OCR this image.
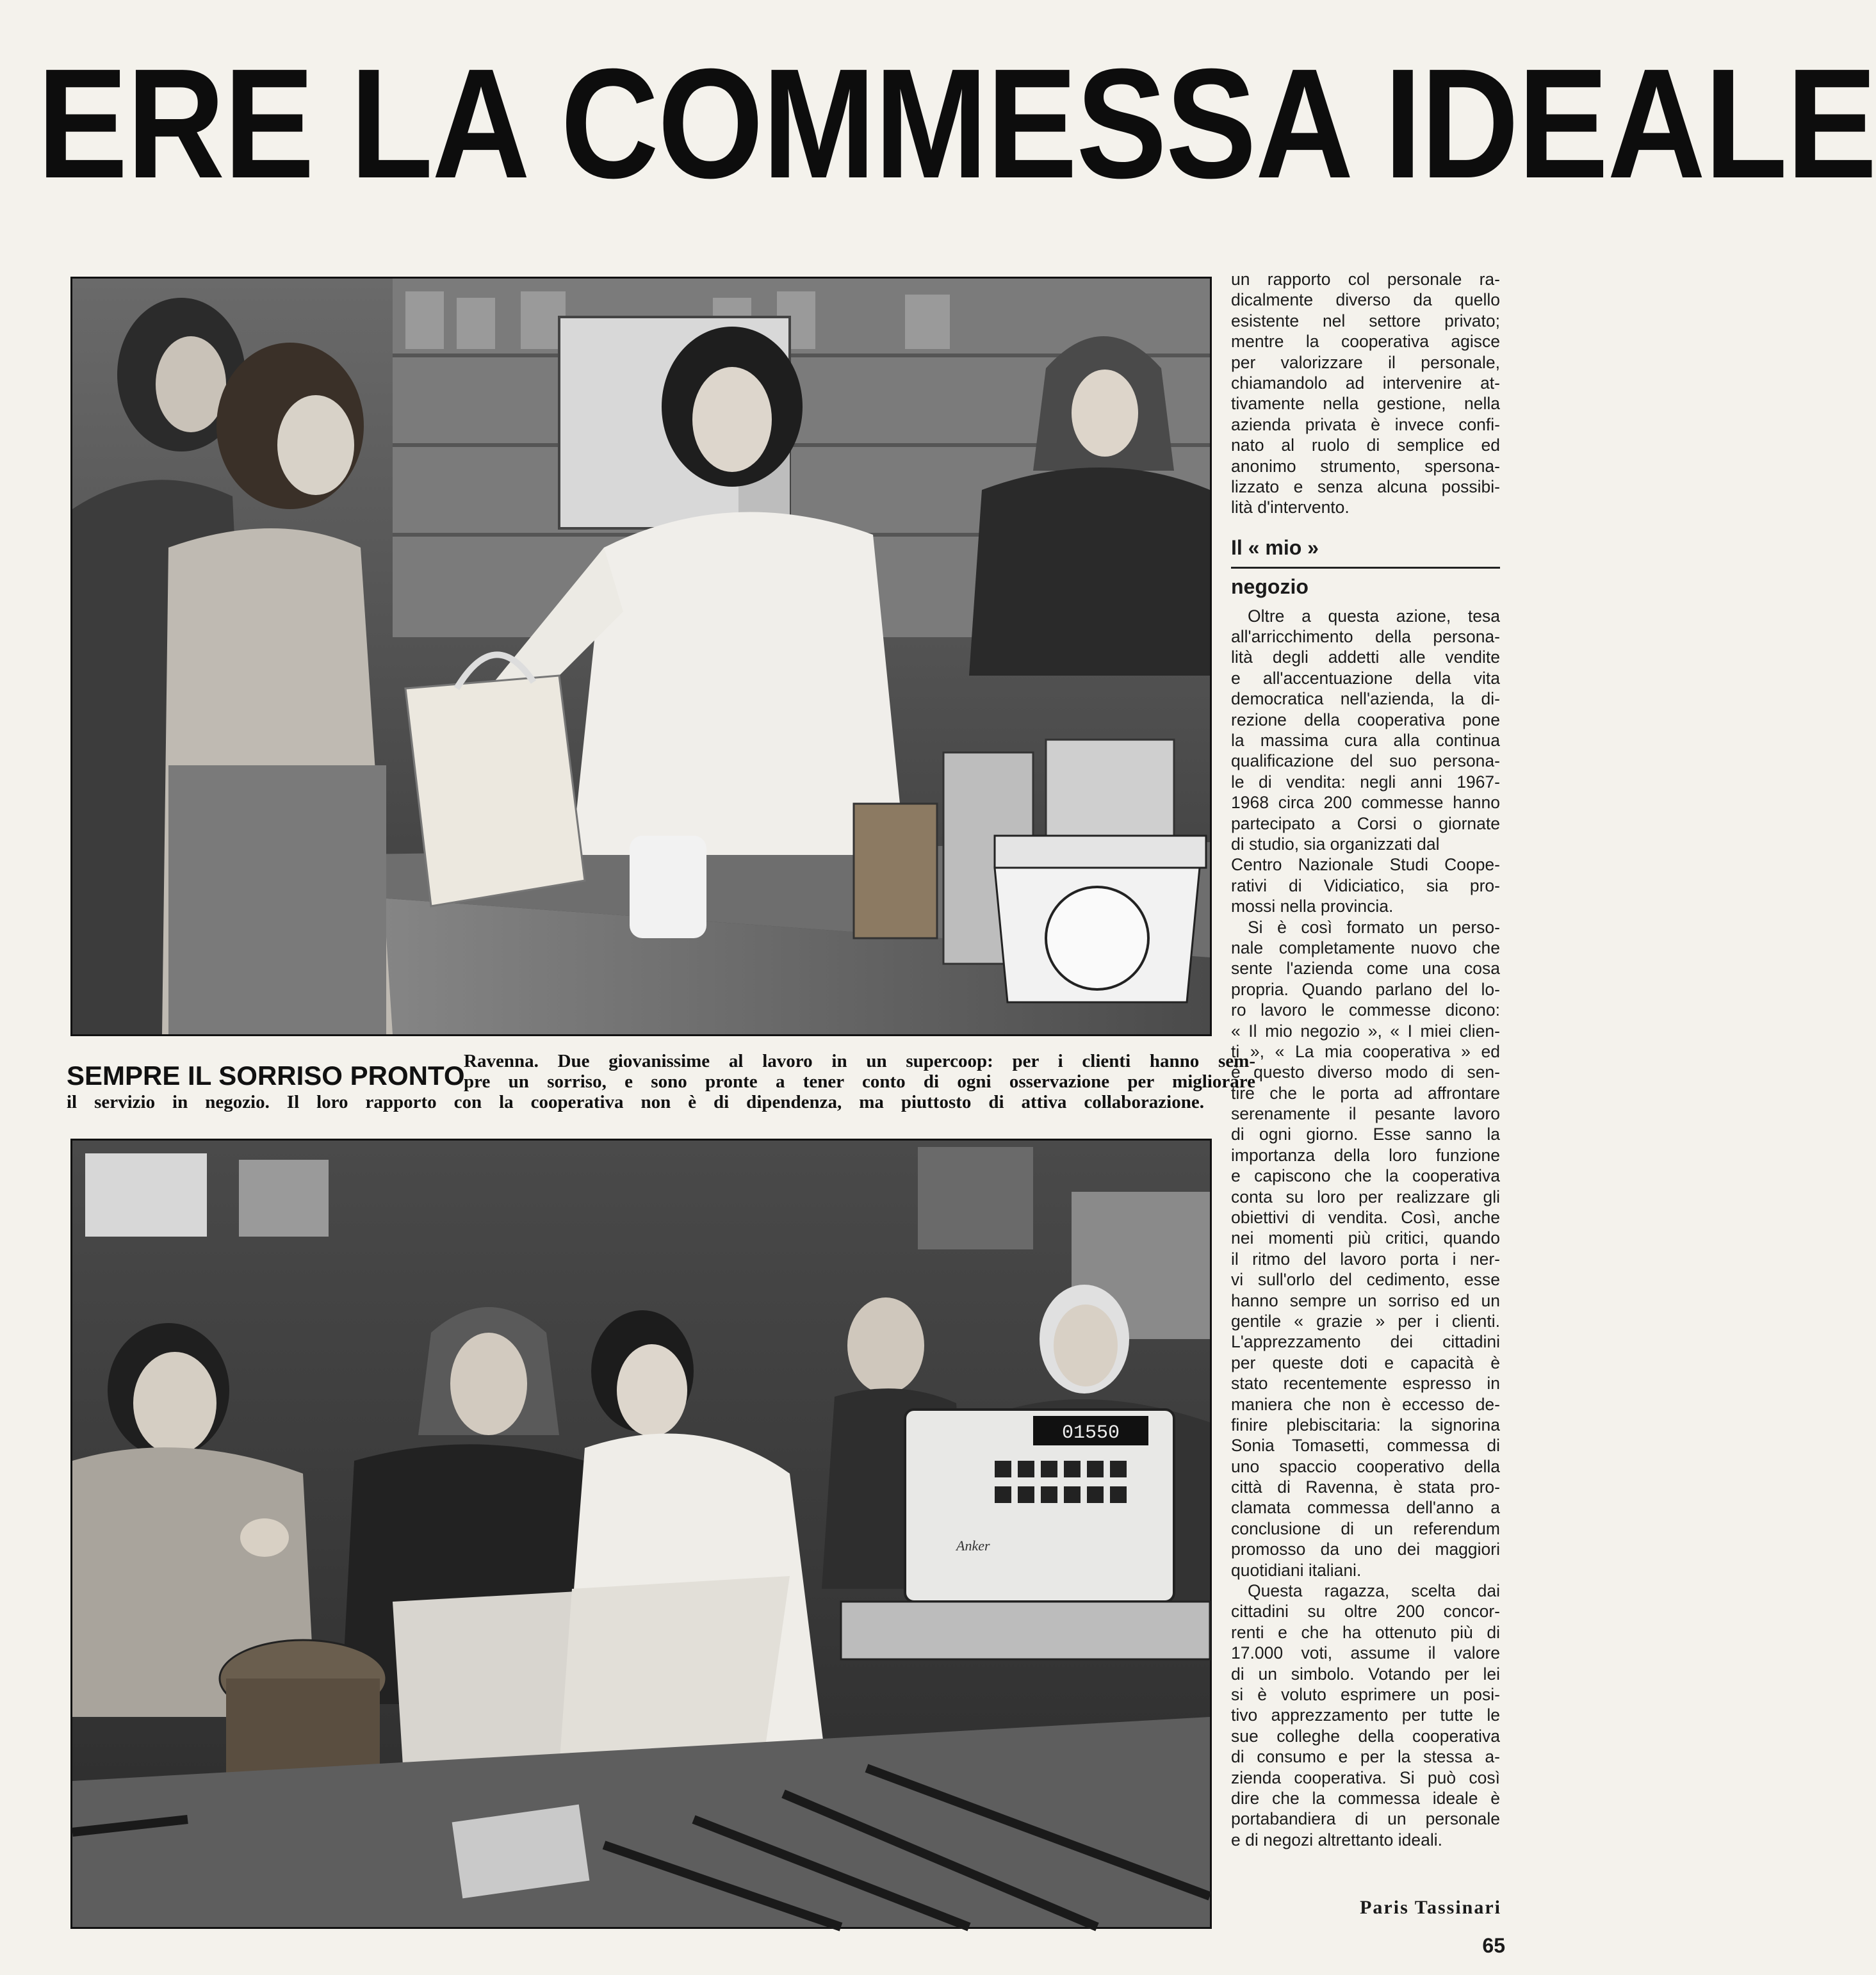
ERE LA COMMESSA IDEALE
SEMPRE IL SORRISO PRONTO
Ravenna. Due giovanissime al lavoro in un supercoop: per i clienti hanno sem-
pre un sorriso, e sono pronte a tener conto di ogni osservazione per migliorare
il servizio in negozio. Il loro rapporto con la cooperativa non è di dipendenza, ma piuttosto di attiva collaborazione.
01550
Anker
un rapporto col personale ra-
dicalmente diverso da quello
esistente nel settore privato;
mentre la cooperativa agisce
per valorizzare il personale,
chiamandolo ad intervenire at-
tivamente nella gestione, nella
azienda privata è invece confi-
nato al ruolo di semplice ed
anonimo strumento, spersona-
lizzato e senza alcuna possibi-
lità d'intervento.
Il « mio »
negozio
Oltre a questa azione, tesa
all'arricchimento della persona-
lità degli addetti alle vendite
e all'accentuazione della vita
democratica nell'azienda, la di-
rezione della cooperativa pone
la massima cura alla continua
qualificazione del suo persona-
le di vendita: negli anni 1967-
1968 circa 200 commesse hanno
partecipato a Corsi o giornate
di studio, sia organizzati dal
Centro Nazionale Studi Coope-
rativi di Vidiciatico, sia pro-
mossi nella provincia.
Si è così formato un perso-
nale completamente nuovo che
sente l'azienda come una cosa
propria. Quando parlano del lo-
ro lavoro le commesse dicono:
« Il mio negozio », « I miei clien-
ti », « La mia cooperativa » ed
è questo diverso modo di sen-
tire che le porta ad affrontare
serenamente il pesante lavoro
di ogni giorno. Esse sanno la
importanza della loro funzione
e capiscono che la cooperativa
conta su loro per realizzare gli
obiettivi di vendita. Così, anche
nei momenti più critici, quando
il ritmo del lavoro porta i ner-
vi sull'orlo del cedimento, esse
hanno sempre un sorriso ed un
gentile « grazie » per i clienti.
L'apprezzamento dei cittadini
per queste doti e capacità è
stato recentemente espresso in
maniera che non è eccesso de-
finire plebiscitaria: la signorina
Sonia Tomasetti, commessa di
uno spaccio cooperativo della
città di Ravenna, è stata pro-
clamata commessa dell'anno a
conclusione di un referendum
promosso da uno dei maggiori
quotidiani italiani.
Questa ragazza, scelta dai
cittadini su oltre 200 concor-
renti e che ha ottenuto più di
17.000 voti, assume il valore
di un simbolo. Votando per lei
si è voluto esprimere un posi-
tivo apprezzamento per tutte le
sue colleghe della cooperativa
di consumo e per la stessa a-
zienda cooperativa. Si può così
dire che la commessa ideale è
portabandiera di un personale
e di negozi altrettanto ideali.
Paris Tassinari
65
